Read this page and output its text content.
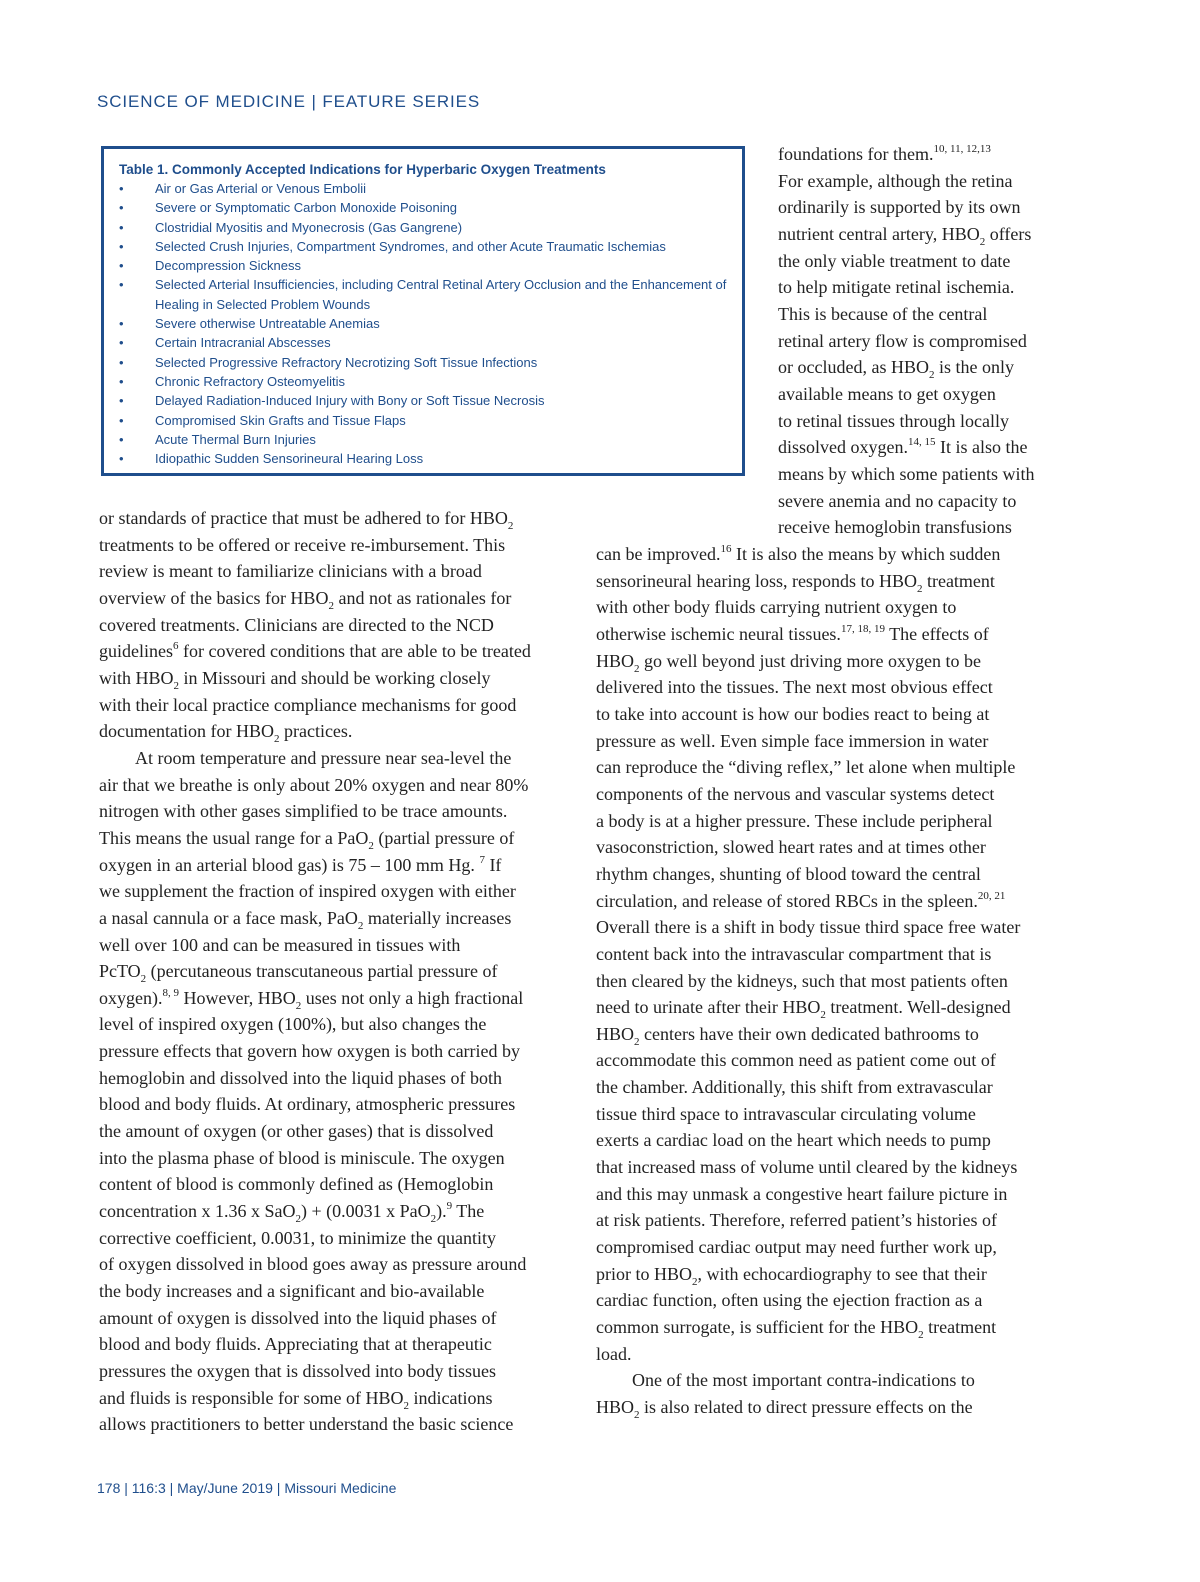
SCIENCE OF MEDICINE | FEATURE SERIES
Table 1. Commonly Accepted Indications for Hyperbaric Oxygen Treatments
• Air or Gas Arterial or Venous Embolii
• Severe or Symptomatic Carbon Monoxide Poisoning
• Clostridial Myositis and Myonecrosis (Gas Gangrene)
• Selected Crush Injuries, Compartment Syndromes, and other Acute Traumatic Ischemias
• Decompression Sickness
• Selected Arterial Insufficiencies, including Central Retinal Artery Occlusion and the Enhancement of Healing in Selected Problem Wounds
• Severe otherwise Untreatable Anemias
• Certain Intracranial Abscesses
• Selected Progressive Refractory Necrotizing Soft Tissue Infections
• Chronic Refractory Osteomyelitis
• Delayed Radiation-Induced Injury with Bony or Soft Tissue Necrosis
• Compromised Skin Grafts and Tissue Flaps
• Acute Thermal Burn Injuries
• Idiopathic Sudden Sensorineural Hearing Loss
foundations for them.$^{10, 11, 12,13}$
For example, although the retina
ordinarily is supported by its own
nutrient central artery, $HBO_2$ offers
the only viable treatment to date
to help mitigate retinal ischemia.
This is because of the central
retinal artery flow is compromised
or occluded, as $HBO_2$ is the only
available means to get oxygen
to retinal tissues through locally
dissolved oxygen.$^{14, 15}$ It is also the
means by which some patients with
severe anemia and no capacity to
receive hemoglobin transfusions

or standards of practice that must be adhered to for $HBO_2$
treatments to be offered or receive re-imbursement. This
review is meant to familiarize clinicians with a broad
overview of the basics for $HBO_2$ and not as rationales for
covered treatments. Clinicians are directed to the NCD
guidelines$^6$ for covered conditions that are able to be treated
with $HBO_2$ in Missouri and should be working closely
with their local practice compliance mechanisms for good
documentation for $HBO_2$ practices.

At room temperature and pressure near sea-level the
air that we breathe is only about 20% oxygen and near 80%
nitrogen with other gases simplified to be trace amounts.
This means the usual range for a PaO$_2$ (partial pressure of
oxygen in an arterial blood gas) is 75 – 100 mm Hg. $^7$ If
we supplement the fraction of inspired oxygen with either
a nasal cannula or a face mask, PaO$_2$ materially increases
well over 100 and can be measured in tissues with
PcTO$_2$ (percutaneous transcutaneous partial pressure of
oxygen).$^{8, 9}$ However, $HBO_2$ uses not only a high fractional
level of inspired oxygen (100%), but also changes the
pressure effects that govern how oxygen is both carried by
hemoglobin and dissolved into the liquid phases of both
blood and body fluids. At ordinary, atmospheric pressures
the amount of oxygen (or other gases) that is dissolved
into the plasma phase of blood is miniscule. The oxygen
content of blood is commonly defined as (Hemoglobin
concentration x 1.36 x SaO$_2$) + (0.0031 x PaO$_2$).$^9$ The
corrective coefficient, 0.0031, to minimize the quantity
of oxygen dissolved in blood goes away as pressure around
the body increases and a significant and bio-available
amount of oxygen is dissolved into the liquid phases of
blood and body fluids. Appreciating that at therapeutic
pressures the oxygen that is dissolved into body tissues
and fluids is responsible for some of $HBO_2$ indications
allows practitioners to better understand the basic science

can be improved.$^{16}$ It is also the means by which sudden
sensorineural hearing loss, responds to $HBO_2$ treatment
with other body fluids carrying nutrient oxygen to
otherwise ischemic neural tissues.$^{17, 18, 19}$ The effects of
$HBO_2$ go well beyond just driving more oxygen to be
delivered into the tissues. The next most obvious effect
to take into account is how our bodies react to being at
pressure as well. Even simple face immersion in water
can reproduce the “diving reflex,” let alone when multiple
components of the nervous and vascular systems detect
a body is at a higher pressure. These include peripheral
vasoconstriction, slowed heart rates and at times other
rhythm changes, shunting of blood toward the central
circulation, and release of stored RBCs in the spleen.$^{20, 21}$
Overall there is a shift in body tissue third space free water
content back into the intravascular compartment that is
then cleared by the kidneys, such that most patients often
need to urinate after their $HBO_2$ treatment. Well-designed
$HBO_2$ centers have their own dedicated bathrooms to
accommodate this common need as patient come out of
the chamber. Additionally, this shift from extravascular
tissue third space to intravascular circulating volume
exerts a cardiac load on the heart which needs to pump
that increased mass of volume until cleared by the kidneys
and this may unmask a congestive heart failure picture in
at risk patients. Therefore, referred patient’s histories of
compromised cardiac output may need further work up,
prior to $HBO_2$, with echocardiography to see that their
cardiac function, often using the ejection fraction as a
common surrogate, is sufficient for the $HBO_2$ treatment
load.

One of the most important contra-indications to
$HBO_2$ is also related to direct pressure effects on the

178 | 116:3 | May/June 2019 | Missouri Medicine
